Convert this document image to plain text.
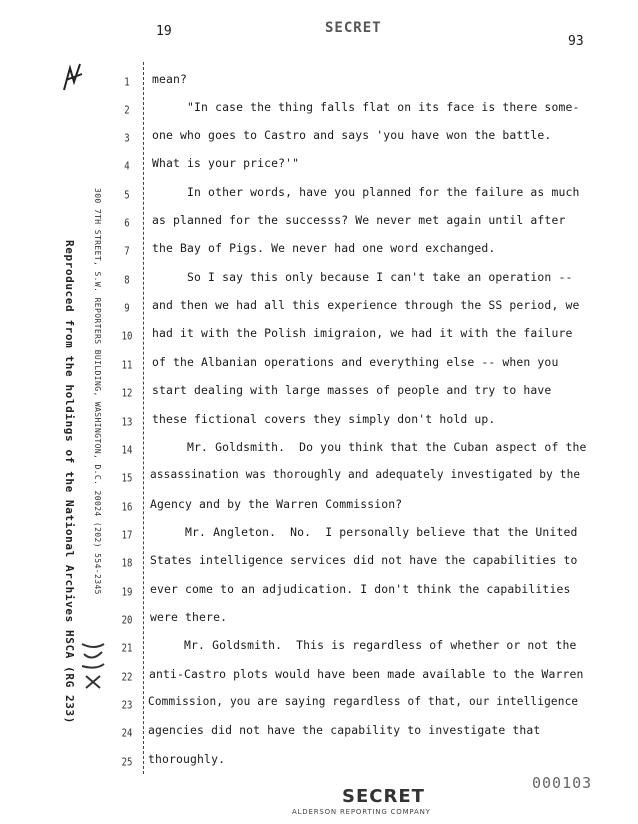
19	SECRET
93
Reproduced from the holdings of the National Archives HSCA (RG 233)	300 7TH STREET, S.W. REPORTERS BUILDING, WASHINGTON, D.C. 20024 (202) 554-2345
1
2
3
4
5
6
7
8
9
10
11
12
13
14
15
16
17
18
19
20
21
22
23
24
25
mean?
"In case the thing falls flat on its face is there some-
one who goes to Castro and says 'you have won the battle.
What is your price?'"
In other words, have you planned for the failure as much
as planned for the successs? We never met again until after
the Bay of Pigs. We never had one word exchanged.
So I say this only because I can't take an operation --
and then we had all this experience through the SS period, we
had it with the Polish imigraion, we had it with the failure
of the Albanian operations and everything else -- when you
start dealing with large masses of people and try to have
these fictional covers they simply don't hold up.
Mr. Goldsmith.  Do you think that the Cuban aspect of the
assassination was thoroughly and adequately investigated by the
Agency and by the Warren Commission?
Mr. Angleton.  No.  I personally believe that the United
States intelligence services did not have the capabilities to
ever come to an adjudication. I don't think the capabilities
were there.
Mr. Goldsmith.  This is regardless of whether or not the
anti-Castro plots would have been made available to the Warren
Commission, you are saying regardless of that, our intelligence
agencies did not have the capability to investigate that
thoroughly.
000103
SECRET
ALDERSON REPORTING COMPANY
